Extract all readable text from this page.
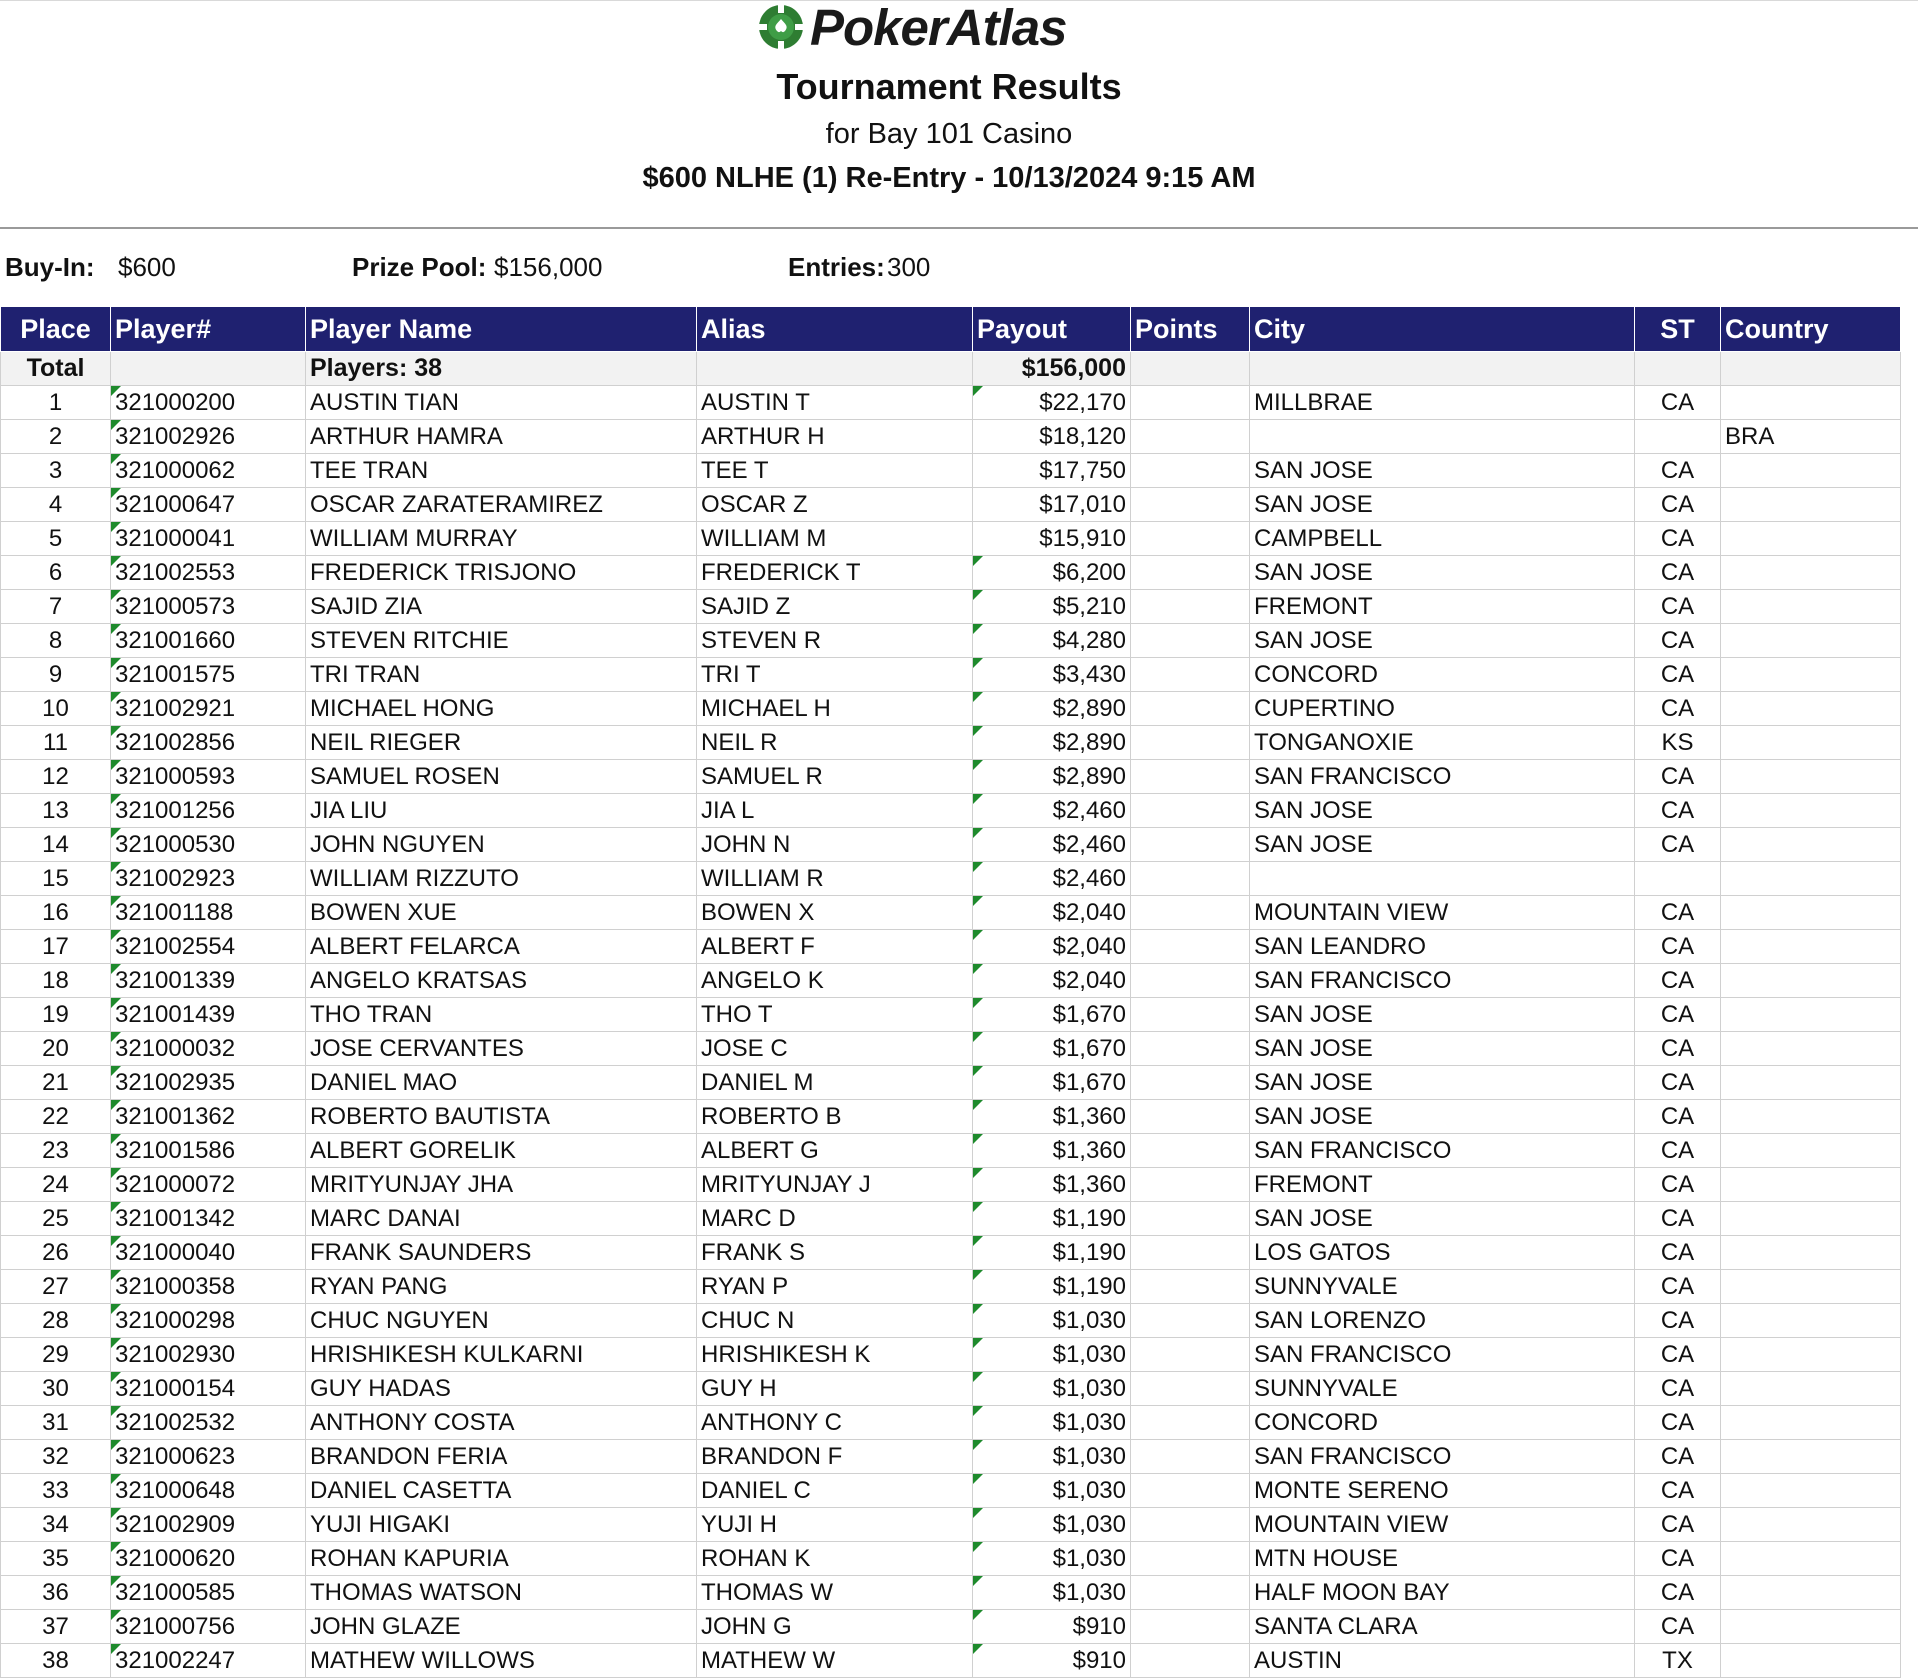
PokerAtlas
Tournament Results
for Bay 101 Casino
$600 NLHE (1) Re-Entry - 10/13/2024 9:15 AM
Buy-In: $600	Prize Pool: $156,000	Entries: 300
Place	Player#	Player Name	Alias	Payout	Points	City	ST	Country
Total		Players: 38		$156,000				
1	321000200	AUSTIN TIAN	AUSTIN T	$22,170		MILLBRAE	CA	
2	321002926	ARTHUR HAMRA	ARTHUR H	$18,120				BRA
3	321000062	TEE TRAN	TEE T	$17,750		SAN JOSE	CA	
4	321000647	OSCAR ZARATERAMIREZ	OSCAR Z	$17,010		SAN JOSE	CA	
5	321000041	WILLIAM MURRAY	WILLIAM M	$15,910		CAMPBELL	CA	
6	321002553	FREDERICK TRISJONO	FREDERICK T	$6,200		SAN JOSE	CA	
7	321000573	SAJID ZIA	SAJID Z	$5,210		FREMONT	CA	
8	321001660	STEVEN RITCHIE	STEVEN R	$4,280		SAN JOSE	CA	
9	321001575	TRI TRAN	TRI T	$3,430		CONCORD	CA	
10	321002921	MICHAEL HONG	MICHAEL H	$2,890		CUPERTINO	CA	
11	321002856	NEIL RIEGER	NEIL R	$2,890		TONGANOXIE	KS	
12	321000593	SAMUEL ROSEN	SAMUEL R	$2,890		SAN FRANCISCO	CA	
13	321001256	JIA LIU	JIA L	$2,460		SAN JOSE	CA	
14	321000530	JOHN NGUYEN	JOHN N	$2,460		SAN JOSE	CA	
15	321002923	WILLIAM RIZZUTO	WILLIAM R	$2,460				
16	321001188	BOWEN XUE	BOWEN X	$2,040		MOUNTAIN VIEW	CA	
17	321002554	ALBERT FELARCA	ALBERT F	$2,040		SAN LEANDRO	CA	
18	321001339	ANGELO KRATSAS	ANGELO K	$2,040		SAN FRANCISCO	CA	
19	321001439	THO TRAN	THO T	$1,670		SAN JOSE	CA	
20	321000032	JOSE CERVANTES	JOSE C	$1,670		SAN JOSE	CA	
21	321002935	DANIEL MAO	DANIEL M	$1,670		SAN JOSE	CA	
22	321001362	ROBERTO BAUTISTA	ROBERTO B	$1,360		SAN JOSE	CA	
23	321001586	ALBERT GORELIK	ALBERT G	$1,360		SAN FRANCISCO	CA	
24	321000072	MRITYUNJAY JHA	MRITYUNJAY J	$1,360		FREMONT	CA	
25	321001342	MARC DANAI	MARC D	$1,190		SAN JOSE	CA	
26	321000040	FRANK SAUNDERS	FRANK S	$1,190		LOS GATOS	CA	
27	321000358	RYAN PANG	RYAN P	$1,190		SUNNYVALE	CA	
28	321000298	CHUC NGUYEN	CHUC N	$1,030		SAN LORENZO	CA	
29	321002930	HRISHIKESH KULKARNI	HRISHIKESH K	$1,030		SAN FRANCISCO	CA	
30	321000154	GUY HADAS	GUY H	$1,030		SUNNYVALE	CA	
31	321002532	ANTHONY COSTA	ANTHONY C	$1,030		CONCORD	CA	
32	321000623	BRANDON FERIA	BRANDON F	$1,030		SAN FRANCISCO	CA	
33	321000648	DANIEL CASETTA	DANIEL C	$1,030		MONTE SERENO	CA	
34	321002909	YUJI HIGAKI	YUJI H	$1,030		MOUNTAIN VIEW	CA	
35	321000620	ROHAN KAPURIA	ROHAN K	$1,030		MTN HOUSE	CA	
36	321000585	THOMAS WATSON	THOMAS W	$1,030		HALF MOON BAY	CA	
37	321000756	JOHN GLAZE	JOHN G	$910		SANTA CLARA	CA	
38	321002247	MATHEW WILLOWS	MATHEW W	$910		AUSTIN	TX	
